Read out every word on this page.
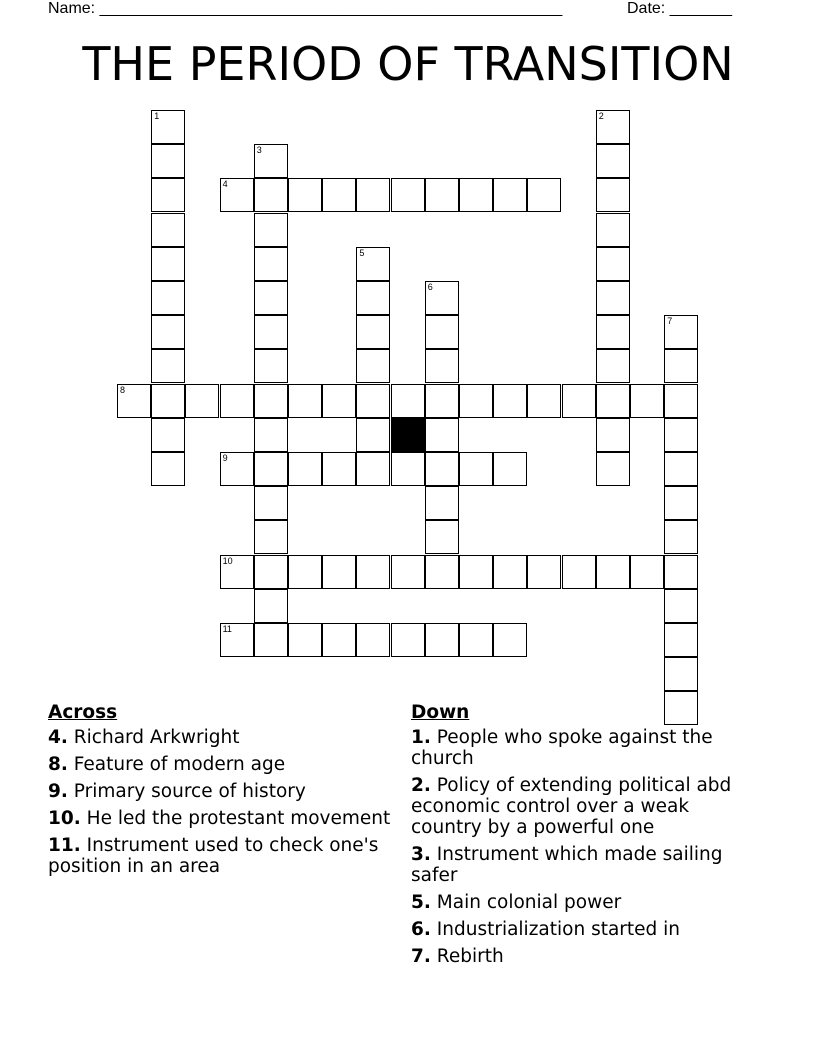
Name: ____________________________________________________	Date: _______
THE PERIOD OF TRANSITION
1	2
3
4
5
6
7
8
9
10
11
Across
4. Richard Arkwright
8. Feature of modern age
9. Primary source of history
10. He led the protestant movement
11. Instrument used to check one's position in an area
Down
1. People who spoke against the church
2. Policy of extending political abd economic control over a weak country by a powerful one
3. Instrument which made sailing safer
5. Main colonial power
6. Industrialization started in
7. Rebirth
